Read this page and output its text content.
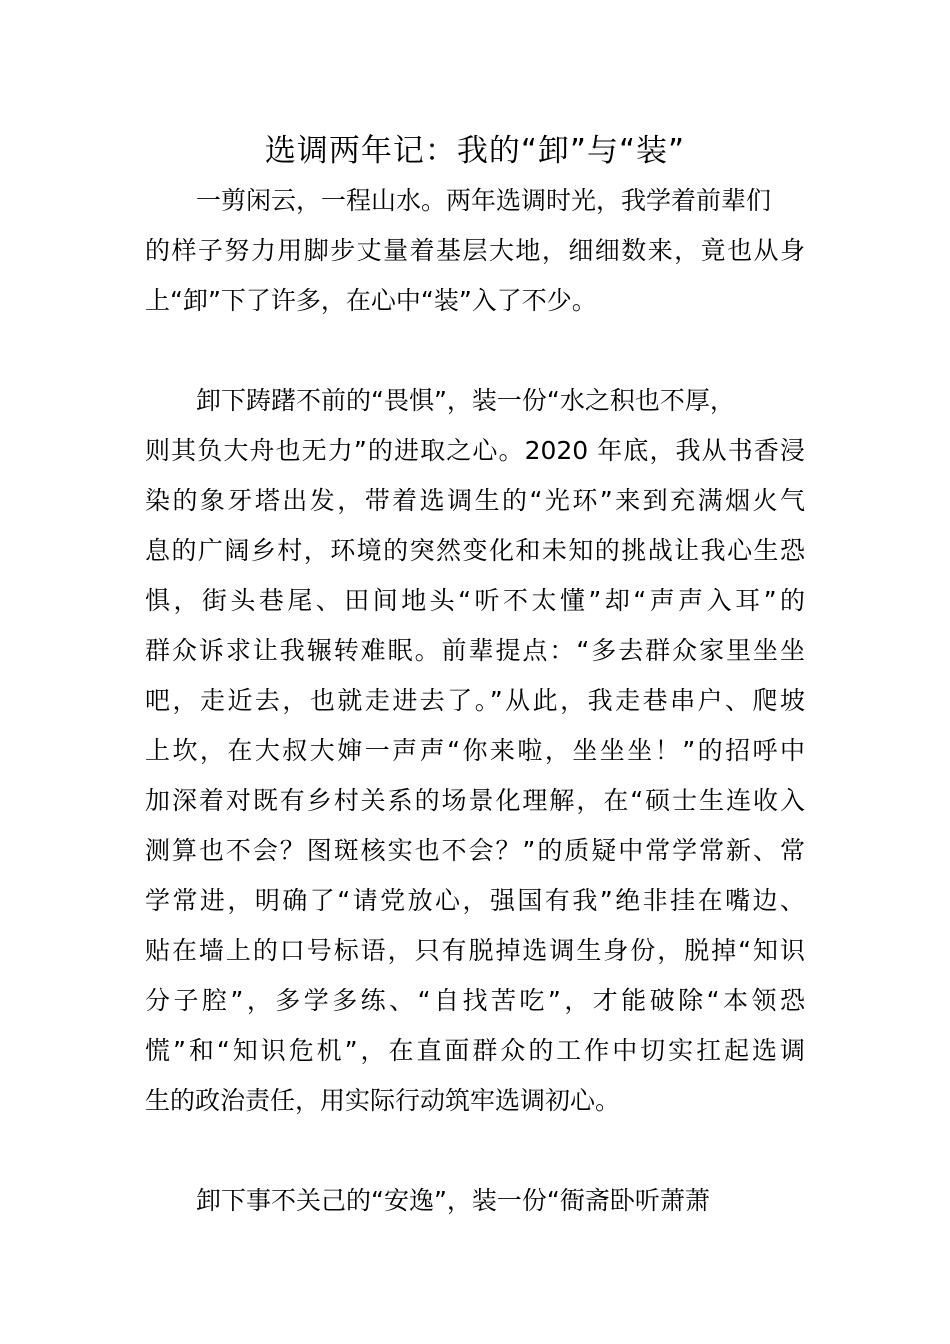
选调两年记：我的“卸”与“装”
一剪闲云，一程山水。两年选调时光，我学着前辈们
的样子努力用脚步丈量着基层大地，细细数来，竟也从身
上“卸”下了许多，在心中“装”入了不少。
卸下踌躇不前的“畏惧”，装一份“水之积也不厚，
则其负大舟也无力”的进取之心。2020 年底，我从书香浸
染的象牙塔出发，带着选调生的“光环”来到充满烟火气
息的广阔乡村，环境的突然变化和未知的挑战让我心生恐
惧，街头巷尾、田间地头“听不太懂”却“声声入耳”的
群众诉求让我辗转难眠。前辈提点：“多去群众家里坐坐
吧，走近去，也就走进去了。”从此，我走巷串户、爬坡
上坎，在大叔大婶一声声“你来啦，坐坐坐！”的招呼中
加深着对既有乡村关系的场景化理解，在“硕士生连收入
测算也不会？图斑核实也不会？”的质疑中常学常新、常
学常进，明确了“请党放心，强国有我”绝非挂在嘴边、
贴在墙上的口号标语，只有脱掉选调生身份，脱掉“知识
分子腔”，多学多练、“自找苦吃”，才能破除“本领恐
慌”和“知识危机”，在直面群众的工作中切实扛起选调
生的政治责任，用实际行动筑牢选调初心。
卸下事不关己的“安逸”，装一份“衙斋卧听萧萧
